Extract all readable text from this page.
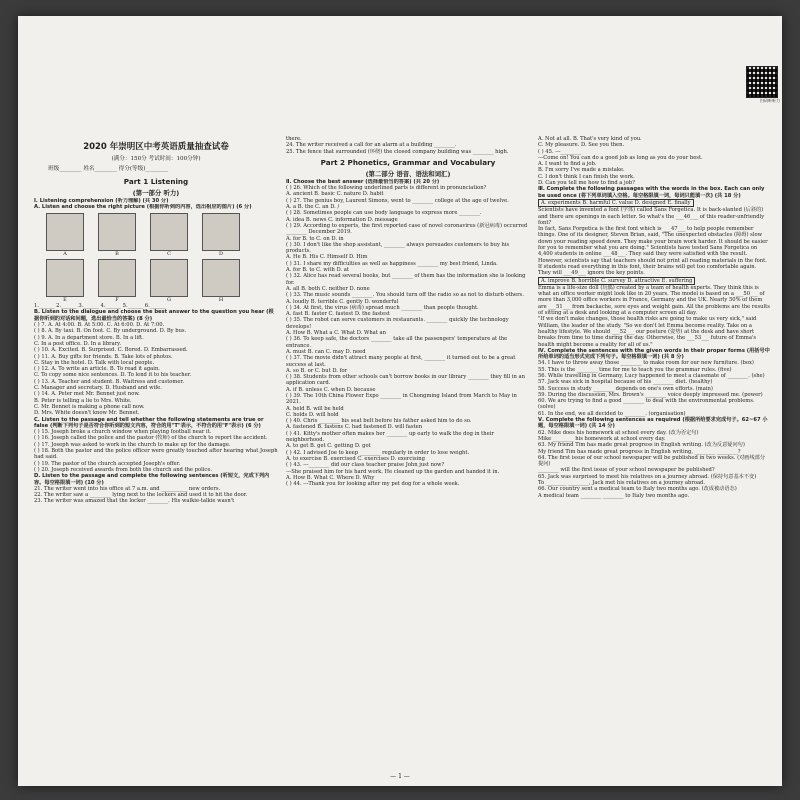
扫码听听力
2020 年崇明区中考英语质量抽查试卷
(满分：150分 考试时间：100分钟)
班级________ 姓名________ 得分(等级)________
Part 1 Listening
(第一部分 听力)
Ⅰ. Listening comprehension (听力理解) (共 30 分)
A. Listen and choose the right picture (根据你听到的内容，选出相应的图片) (6 分)
A	B	C	D
E	F	G	H
1.______ 2.______ 3.______ 4.______ 5.______ 6.______
B. Listen to the dialogue and choose the best answer to the question you hear (根据你听到的对话和问题，选出最恰当的答案) (8 分)
( ) 7. A. At 4:00. B. At 5:00. C. At 6:00. D. At 7:00.
( ) 8. A. By taxi. B. On foot. C. By underground. D. By bus.
( ) 9. A. In a department store. B. In a lift.
C. In a post office. D. In a library.
( ) 10. A. Excited. B. Surprised. C. Bored. D. Embarrassed.
( ) 11. A. Buy gifts for friends. B. Take lots of photos.
C. Stay in the hotel. D. Talk with local people.
( ) 12. A. To write an article. B. To read it again.
C. To copy some nice sentences. D. To lend it to his teacher.
( ) 13. A. Teacher and student. B. Waitress and customer.
C. Manager and secretary. D. Husband and wife.
( ) 14. A. Peter met Mr. Bennet just now.
B. Peter is telling a lie to Mrs. White.
C. Mr. Bennet is making a phone call now.
D. Mrs. White doesn't know Mr. Bennet.
C. Listen to the passage and tell whether the following statements are true or false (判断下列句子是否符合你听到的短文内容，符合的用"T"表示，不符合的用"F"表示) (6 分)
( ) 15. Joseph broke a church window when playing football near it.
( ) 16. Joseph called the police and the pastor (牧师) of the church to report the accident.
( ) 17. Joseph was asked to work in the church to make up for the damage.
( ) 18. Both the pastor and the police officer were greatly touched after hearing what Joseph had said.
( ) 19. The pastor of the church accepted Joseph's offer.
( ) 20. Joseph received awards from both the church and the police.
D. Listen to the passage and complete the following sentences (听短文，完成下列内容。每空格限填一词) (10 分)
21. The writer went into his office at 7 a.m. and __________ new orders.
22. The writer saw a ________ lying next to the lockers and used it to hit the door.
23. The writer was amazed that the locker ________. His walkie-talkie wasn't
there.
24. The writer received a call for an alarm at a building ________.
25. The fence that surrounded (环绕) the closed company building was ________ high.
Part 2 Phonetics, Grammar and Vocabulary
(第二部分 语音、语法和词汇)
Ⅱ. Choose the best answer (选择最恰当的答案) (共 20 分)
( ) 26. Which of the following underlined parts is different in pronunciation?
A. ancient B. basic C. nature D. habit
( ) 27. The genius boy, Laurent Simons, went to ________ college at the age of twelve.
A. a B. the C. an D. /
( ) 28. Sometimes people can use body language to express more ________.
A. idea B. news C. information D. message
( ) 29. According to experts, the first reported case of novel coronavirus (新冠病毒) occurred ________ December 2019.
A. for B. to C. on D. in
( ) 30. I don't like the shop assistant, ________ always persuades customers to buy his products.
A. He B. His C. Himself D. Him
( ) 31. I share my difficulties as well as happiness ________ my best friend, Linda.
A. for B. to C. with D. at
( ) 32. Alice has read several books, but ________ of them has the information she is looking for.
A. all B. both C. neither D. none
( ) 33. The music sounds ________. You should turn off the radio so as not to disturb others.
A. loudly B. terrible C. gently D. wonderful
( ) 34. At first, the virus (病毒) spread much ________ than people thought.
A. fast B. faster C. fastest D. the fastest
( ) 35. The robot can serve customers in restaurants. ________ quickly the technology develops!
A. How B. What a C. What D. What an
( ) 36. To keep safe, the doctors ________ take all the passengers' temperature at the entrance.
A. must B. can C. may D. need
( ) 37. The movie didn't attract many people at first, ________ it turned out to be a great success at last.
A. so B. or C. but D. for
( ) 38. Students from other schools can't borrow books in our library ________ they fill in an application card.
A. if B. unless C. when D. because
( ) 39. The 10th China Flower Expo ________ in Chongming Island from March to May in 2021.
A. held B. will be held
C. holds D. will hold
( ) 40. Chris ________ his seat belt before his father asked him to do so.
A. fastened B. fastens C. had fastened D. will fasten
( ) 41. Kitty's mother often makes her ________ up early to walk the dog in their neighborhood.
A. to get B. get C. getting D. got
( ) 42. I advised Joe to keep ________ regularly in order to lose weight.
A. to exercise B. exercised C. exercises D. exercising
( ) 43. ---________ did our class teacher praise John just now?
---She praised him for his hard work. He cleaned up the garden and handed it in.
A. How B. What C. Where D. Why
( ) 44. ---Thank you for looking after my pet dog for a whole week.
A. Not at all. B. That's very kind of you.
C. My pleasure. D. See you then.
( ) 45. ---________
---Come on! You can do a good job as long as you do your best.
A. I want to find a job.
B. I'm sorry I've made a mistake.
C. I don't think I can finish the work.
D. Can you tell me how to find a job?
Ⅲ. Complete the following passages with the words in the box. Each can only be used once (将下列单词填入空格。每空格限填一词，每词只能填一次) (共 18 分)
A. experiments B. harmful C. value D. designed E. finally
Scientists have invented a font (字体) called Sans Forgetica. It is back-slanted (后斜的) and there are openings in each letter. So what's the ___46___ of this reader-unfriendly font?
In fact, Sans Forgetica is the first font which is ___47___ to help people remember things. One of its designer, Steven Brian, said, "The unexpected obstacles (障碍) slow down your reading speed down. They make your brain work harder. It should be easier for you to remember what you are doing." Scientists have tested Sans Forgetica on 4,400 students in online ___48___. They said they were satisfied with the result.
However, scientists say that teachers should not print all reading materials in the font. If students read everything in this font, their brains will get too comfortable again. They will ___49___ ignore the key points.
A. improve B. horrible C. survey D. attractive E. suffering
Emma is a life-size doll (玩偶) created by a team of health experts. They think this is what an office worker might look like in 20 years. The model is based on a ___50___ of more than 3,000 office workers in France, Germany and the UK. Nearly 50% of them are ___51___ from backache, sore eyes and weight gain. All the problems are the results of sitting at a desk and looking at a computer screen all day.
"If we don't make changes, those health risks are going to make us very sick," said William, the leader of the study. "So we don't let Emma become reality. Take on a healthy lifestyle. We should ___52___ our posture (姿势) at the desk and have short breaks from time to time during the day. Otherwise, the ___53___ future of Emma's health might become a reality for all of us."
Ⅳ. Complete the sentences with the given words in their proper forms (用括号中所给单词的适当形式完成下列句子。每空格限填一词) (共 8 分)
54. I have to throw away those ________ to make room for our new furniture. (box)
55. This is the ________ time for me to teach you the grammar rules. (five)
56. While travelling in Germany, Lucy happened to meet a classmate of ________. (she)
57. Jack was sick in hospital because of his ________ diet. (healthy)
58. Success in study ________ depends on one's own efforts. (main)
59. During the discussion, Mrs. Brown's ________ voice deeply impressed me. (power)
60. We are trying to find a good ________ to deal with the environmental problems. (solve)
61. In the end, we all decided to ________. (organisation)
Ⅴ. Complete the following sentences as required (根据所给要求完成句子。62~67 小题，每空格限填一词) (共 14 分)
62. Mike does his homework at school every day. (改为否定句)
Mike ________ his homework at school every day.
63. My friend Tim has made great progress in English writing. (改为反意疑问句)
My friend Tim has made great progress in English writing, ________ ________?
64. The first issue of our school newspaper will be published in two weeks. (对画线部分提问)
________ will the first issue of your school newspaper be published?
65. Jack was surprised to meet his relatives on a journey abroad. (保持句意基本不变)
To ________ ________, Jack met his relatives on a journey abroad.
66. Our country sent a medical team to Italy two months ago. (改成被动语态)
A medical team ________ ________ to Italy two months ago.
— 1 —
